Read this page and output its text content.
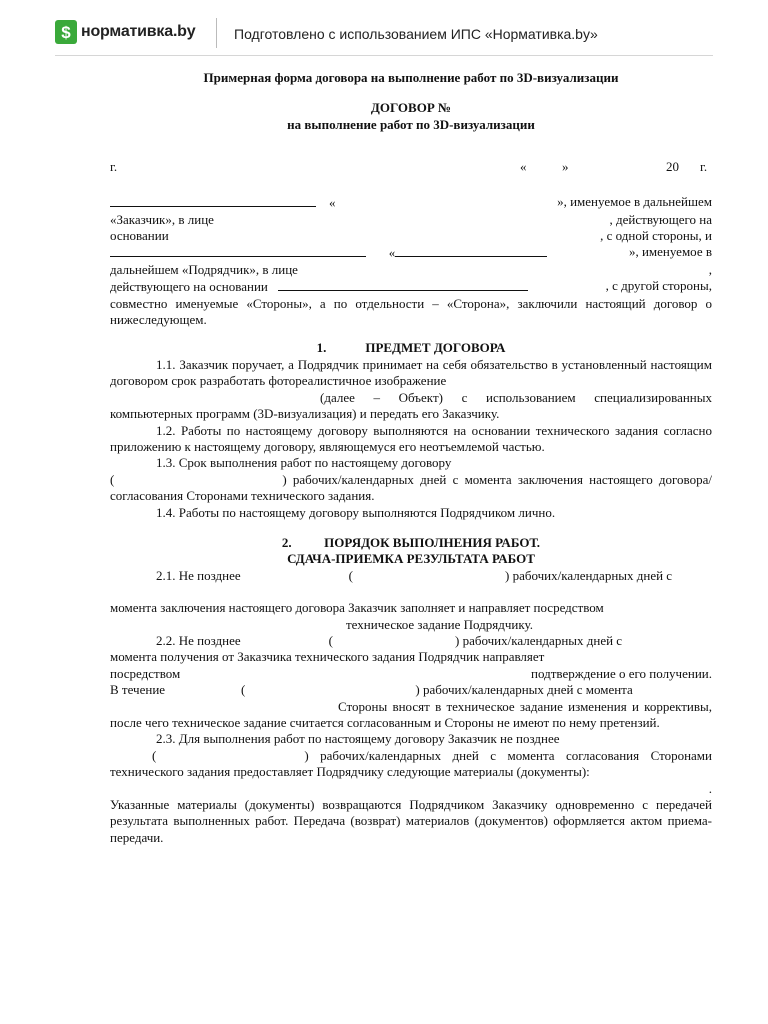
$ нормативка.by	Подготовлено с использованием ИПС «Нормативка.by»
Примерная форма договора на выполнение работ по 3D-визуализации
ДОГОВОР №
на выполнение работ по 3D-визуализации
г.	«	»	20 г.
«	», именуемое в дальнейшем
«Заказчик», в лице	, действующего на
основании	, с одной стороны, и
«	», именуемое в
дальнейшем «Подрядчик», в лице	,
действующего на основании	, с другой стороны,

совместно именуемые «Стороны», а по отдельности – «Сторона», заключили настоящий договор о нижеследующем.

1.	ПРЕДМЕТ ДОГОВОРА

1.1. Заказчик поручает, а Подрядчик принимает на себя обязательство в установленный настоящим договором срок разработать фотореалистичное изображение
(далее – Объект) с использованием специализированных компьютерных программ (3D-визуализация) и передать его Заказчику.

1.2. Работы по настоящему договору выполняются на основании технического задания согласно приложению к настоящему договору, являющемуся его неотъемлемой частью.

1.3. Срок выполнения работ по настоящему договору
(	) рабочих/календарных дней с момента заключения настоящего договора/согласования Сторонами технического задания.

1.4. Работы по настоящему договору выполняются Подрядчиком лично.

2.	ПОРЯДОК ВЫПОЛНЕНИЯ РАБОТ.
СДАЧА-ПРИЕМКА РЕЗУЛЬТАТА РАБОТ

2.1. Не позднее	(	) рабочих/календарных дней с

момента заключения настоящего договора Заказчик заполняет и направляет посредством
техническое задание Подрядчику.

2.2. Не позднее	(	) рабочих/календарных дней с

момента получения от Заказчика технического задания Подрядчик направляет

посредством	подтверждение о его получении.
В течение	(	) рабочих/календарных дней с момента

Стороны вносят в техническое задание изменения и коррективы, после чего техническое задание считается согласованным и Стороны не имеют по нему претензий.

2.3. Для выполнения работ по настоящему договору Заказчик не позднее
(	) рабочих/календарных дней с момента согласования Сторонами технического задания предоставляет Подрядчику следующие материалы (документы):

.

Указанные материалы (документы) возвращаются Подрядчиком Заказчику одновременно с передачей результата выполненных работ. Передача (возврат) материалов (документов) оформляется актом приема-передачи.
